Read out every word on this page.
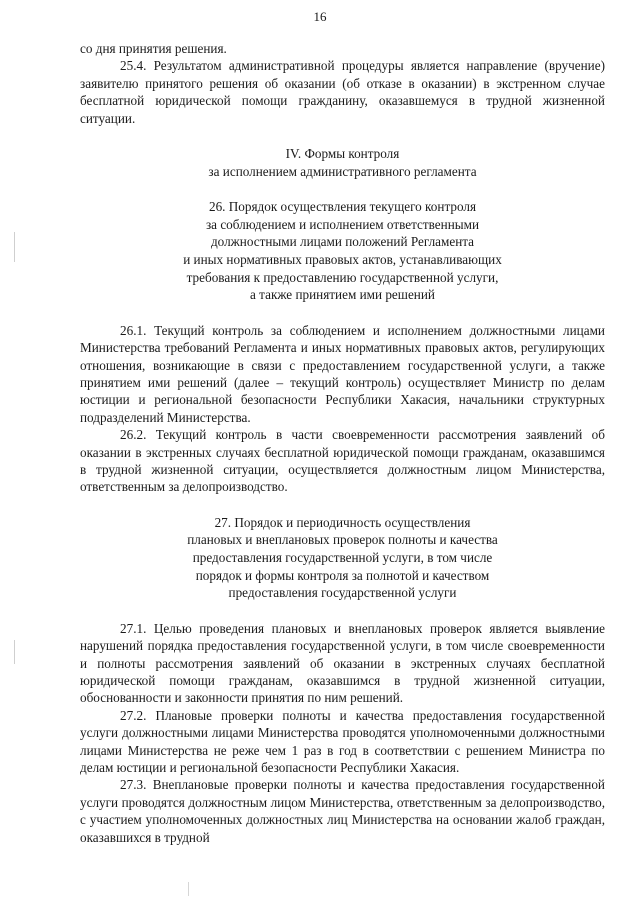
16

со дня принятия решения.

25.4. Результатом административной процедуры является направление (вручение) заявителю принятого решения об оказании (об отказе в оказании) в экстренном случае бесплатной юридической помощи гражданину, оказавшемуся в трудной жизненной ситуации.

IV. Формы контроля
за исполнением административного регламента
26. Порядок осуществления текущего контроля
за соблюдением и исполнением ответственными
должностными лицами положений Регламента
и иных нормативных правовых актов, устанавливающих
требования к предоставлению государственной услуги,
а также принятием ими решений

26.1. Текущий контроль за соблюдением и исполнением должностными лицами Министерства требований Регламента и иных нормативных правовых актов, регулирующих отношения, возникающие в связи с предоставлением государственной услуги, а также принятием ими решений (далее – текущий контроль) осуществляет Министр по делам юстиции и региональной безопасности Республики Хакасия, начальники структурных подразделений Министерства.

26.2. Текущий контроль в части своевременности рассмотрения заявлений об оказании в экстренных случаях бесплатной юридической помощи гражданам, оказавшимся в трудной жизненной ситуации, осуществляется должностным лицом Министерства, ответственным за делопроизводство.

27. Порядок и периодичность осуществления
плановых и внеплановых проверок полноты и качества
предоставления государственной услуги, в том числе
порядок и формы контроля за полнотой и качеством
предоставления государственной услуги

27.1. Целью проведения плановых и внеплановых проверок является выявление нарушений порядка предоставления государственной услуги, в том числе своевременности и полноты рассмотрения заявлений об оказании в экстренных случаях бесплатной юридической помощи гражданам, оказавшимся в трудной жизненной ситуации, обоснованности и законности принятия по ним решений.

27.2. Плановые проверки полноты и качества предоставления государственной услуги должностными лицами Министерства проводятся уполномоченными должностными лицами Министерства не реже чем 1 раз в год в соответствии с решением Министра по делам юстиции и региональной безопасности Республики Хакасия.

27.3. Внеплановые проверки полноты и качества предоставления государственной услуги проводятся должностным лицом Министерства, ответственным за делопроизводство, с участием уполномоченных должностных лиц Министерства на основании жалоб граждан, оказавшихся в трудной
